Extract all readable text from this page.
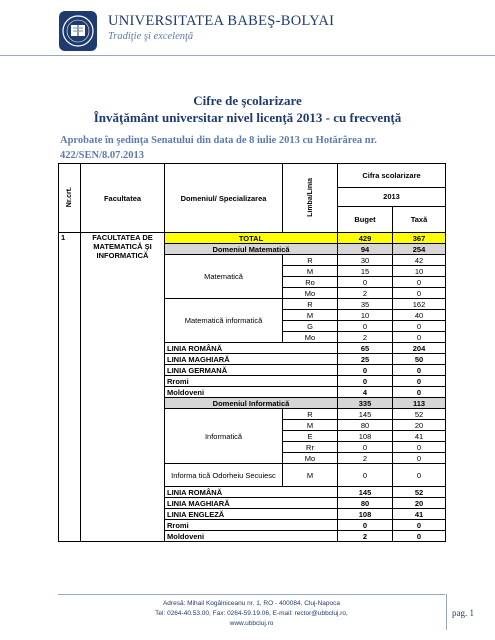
UNIVERSITATEA BABEŞ-BOLYAI
Tradiţie şi excelenţă
Cifre de şcolarizare
Învăţământ universitar nivel licenţă 2013 - cu frecvenţă
Aprobate în şedinţa Senatului din data de 8 iulie 2013 cu Hotărârea nr. 422/SEN/8.07.2013
Nr.crt.	Facultatea	Domeniul/ Specializarea	Limba/Linia	Cifra scolarizare	
				2013	
				Buget	Taxă
1	FACULTATEA DE MATEMATICĂ ŞI INFORMATICĂ	TOTAL		429	367
		Domeniul Matematică		94	254
		Matematică	R	30	42
			M	15	10
			Ro	0	0
			Mo	2	0
		Matematică informatică	R	35	162
			M	10	40
			G	0	0
			Mo	2	0
		LINIA ROMÂNĂ		65	204
		LINIA MAGHIARĂ		25	50
		LINIA GERMANĂ		0	0
		Rromi		0	0
		Moldoveni		4	0
		Domeniul Informatică		335	113
		Informatică	R	145	52
			M	80	20
			E	108	41
			Rr	0	0
			Mo	2	0
		Informa tică Odorheiu Secuiesc	M	0	0
		LINIA ROMÂNĂ		145	52
		LINIA MAGHIARĂ		80	20
		LINIA ENGLEZĂ		108	41
		Rromi		0	0
		Moldoveni		2	0
Adresă: Mihail Kogălniceanu nr. 1, RO - 400084, Cluj-Napoca
Tel: 0264-40.53.00, Fax: 0264-59.19.06, E-mail: rector@ubbcluj.ro,
www.ubbcluj.ro
pag. 1
